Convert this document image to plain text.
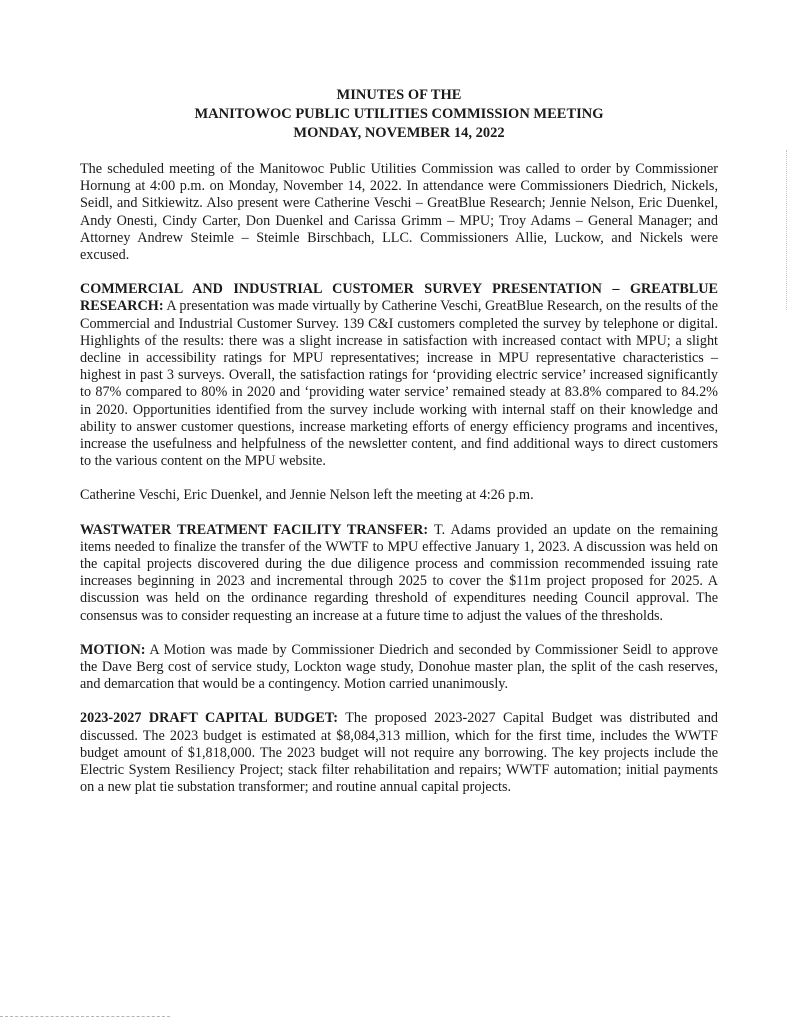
MINUTES OF THE
MANITOWOC PUBLIC UTILITIES COMMISSION MEETING
MONDAY, NOVEMBER 14, 2022

The scheduled meeting of the Manitowoc Public Utilities Commission was called to order by Commissioner Hornung at 4:00 p.m. on Monday, November 14, 2022. In attendance were Commissioners Diedrich, Nickels, Seidl, and Sitkiewitz. Also present were Catherine Veschi – GreatBlue Research; Jennie Nelson, Eric Duenkel, Andy Onesti, Cindy Carter, Don Duenkel and Carissa Grimm – MPU; Troy Adams – General Manager; and Attorney Andrew Steimle – Steimle Birschbach, LLC. Commissioners Allie, Luckow, and Nickels were excused.

COMMERCIAL AND INDUSTRIAL CUSTOMER SURVEY PRESENTATION – GREATBLUE RESEARCH: A presentation was made virtually by Catherine Veschi, GreatBlue Research, on the results of the Commercial and Industrial Customer Survey. 139 C&I customers completed the survey by telephone or digital. Highlights of the results: there was a slight increase in satisfaction with increased contact with MPU; a slight decline in accessibility ratings for MPU representatives; increase in MPU representative characteristics – highest in past 3 surveys. Overall, the satisfaction ratings for ‘providing electric service’ increased significantly to 87% compared to 80% in 2020 and ‘providing water service’ remained steady at 83.8% compared to 84.2% in 2020. Opportunities identified from the survey include working with internal staff on their knowledge and ability to answer customer questions, increase marketing efforts of energy efficiency programs and incentives, increase the usefulness and helpfulness of the newsletter content, and find additional ways to direct customers to the various content on the MPU website.

Catherine Veschi, Eric Duenkel, and Jennie Nelson left the meeting at 4:26 p.m.

WASTWATER TREATMENT FACILITY TRANSFER: T. Adams provided an update on the remaining items needed to finalize the transfer of the WWTF to MPU effective January 1, 2023. A discussion was held on the capital projects discovered during the due diligence process and commission recommended issuing rate increases beginning in 2023 and incremental through 2025 to cover the $11m project proposed for 2025. A discussion was held on the ordinance regarding threshold of expenditures needing Council approval. The consensus was to consider requesting an increase at a future time to adjust the values of the thresholds.

MOTION: A Motion was made by Commissioner Diedrich and seconded by Commissioner Seidl to approve the Dave Berg cost of service study, Lockton wage study, Donohue master plan, the split of the cash reserves, and demarcation that would be a contingency. Motion carried unanimously.

2023-2027 DRAFT CAPITAL BUDGET: The proposed 2023-2027 Capital Budget was distributed and discussed. The 2023 budget is estimated at $8,084,313 million, which for the first time, includes the WWTF budget amount of $1,818,000. The 2023 budget will not require any borrowing. The key projects include the Electric System Resiliency Project; stack filter rehabilitation and repairs; WWTF automation; initial payments on a new plat tie substation transformer; and routine annual capital projects.
